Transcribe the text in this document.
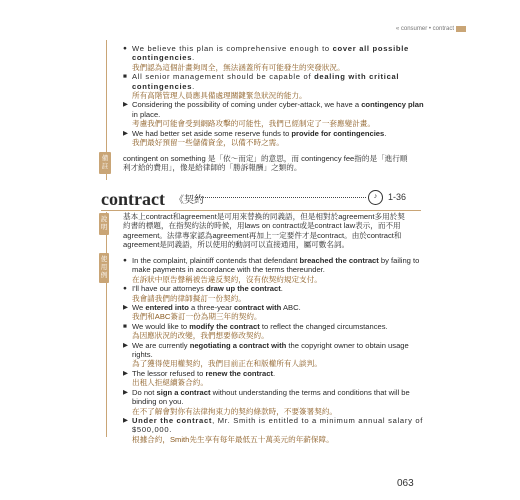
« consumer • contract
● We believe this plan is comprehensive enough to cover all possible contingencies.
我們認為這個計畫夠周全，無法涵蓋所有可能發生的突發狀況。
■ All senior management should be capable of dealing with critical contingencies.
所有高階管理人員應具備處理關鍵緊急狀況的能力。
▶ Considering the possibility of coming under cyber-attack, we have a contingency plan in place.
考慮我們可能會受到網路攻擊的可能性，我們已經制定了一套應變計畫。
▶ We had better set aside some reserve funds to provide for contingencies.
我們最好預留一些儲備資金，以備不時之需。
備註
contingent on something 是「依～而定」的意思，而 contingency fee指的是「進行順
利才給的費用」，像是給律師的「勝訴報酬」之類的。
contract 《契約	♪	1-36
說明
基本上contract和agreement是可用來替換的同義語，但是相對於agreement多用於契
約書的標題，在指契約法的時候，用laws on contract或是contract law表示，而不用
agreement。法律專家認為agreement再加上一定要件才是contract。由於contract和
agreement是同義語，所以使用的動詞可以直接通用，屬可數名詞。
使用例
● In the complaint, plaintiff contends that defendant breached the contract by failing to make payments in accordance with the terms thereunder.
在訴狀中原告聲稱被告違反契約，沒有依契約規定支付。
● I'll have our attorneys draw up the contract.
我會請我們的律師擬訂一份契約。
▶ We entered into a three-year contract with ABC.
我們和ABC簽訂一份為期三年的契約。
■ We would like to modify the contract to reflect the changed circumstances.
為因應狀況的改變，我們想要修改契約。
▶ We are currently negotiating a contract with the copyright owner to obtain usage rights.
為了獲得使用權契約，我們目前正在和版權所有人談判。
▶ The lessor refused to renew the contract.
出租人拒絕續簽合約。
▶ Do not sign a contract without understanding the terms and conditions that will be binding on you.
在不了解會對你有法律拘束力的契約條款時，不要簽署契約。
▶ Under the contract, Mr. Smith is entitled to a minimum annual salary of $500,000.
根據合約，Smith先生享有每年最低五十萬美元的年薪保障。
063
